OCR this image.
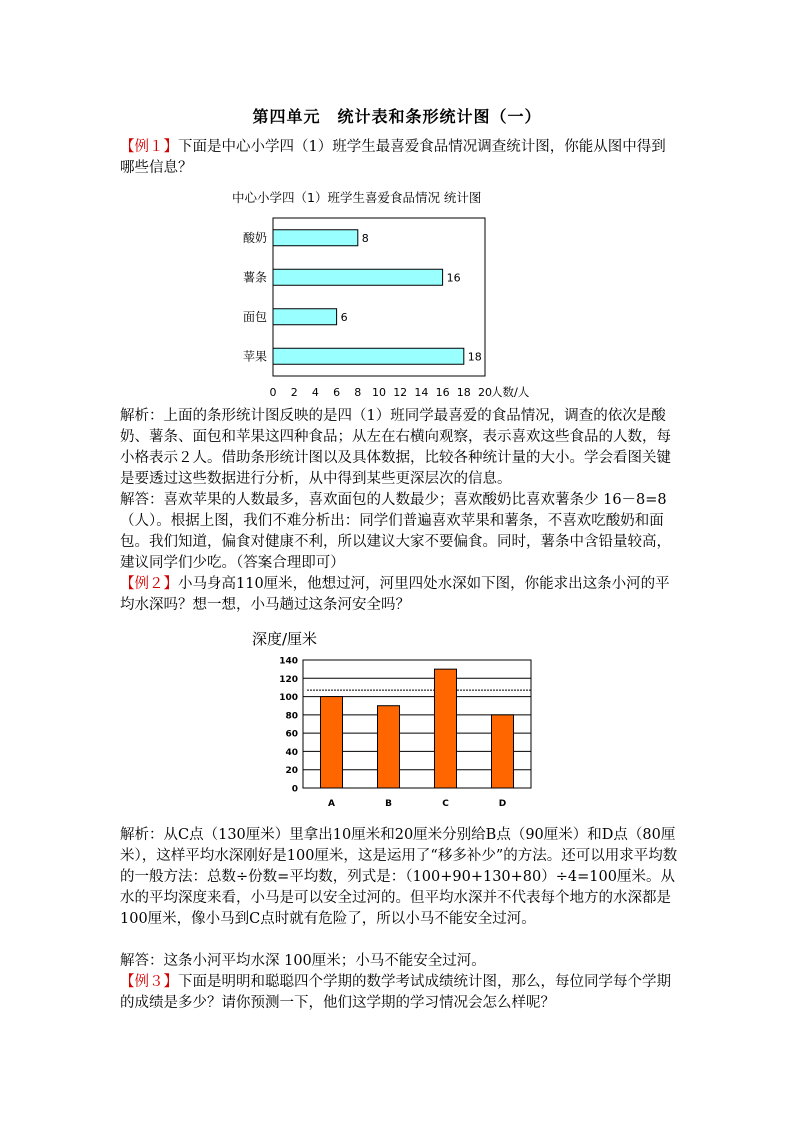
第四单元　统计表和条形统计图（一）
【例１】下面是中心小学四（1）班学生最喜爱食品情况调查统计图，你能从图中得到哪些信息？
中心小学四（1）班学生喜爱食品情况 统计图
酸奶	8
薯条	16
面包	6
苹果	18
0 2 4 6 8 10 12 14 16 18 20 人数/人
解析：上面的条形统计图反映的是四（1）班同学最喜爱的食品情况，调查的依次是酸奶、薯条、面包和苹果这四种食品；从左在右横向观察，表示喜欢这些食品的人数，每小格表示２人。借助条形统计图以及具体数据，比较各种统计量的大小。学会看图关键是要透过这些数据进行分析，从中得到某些更深层次的信息。
解答：喜欢苹果的人数最多，喜欢面包的人数最少；喜欢酸奶比喜欢薯条少 16－8=8（人）。根据上图，我们不难分析出：同学们普遍喜欢苹果和薯条，不喜欢吃酸奶和面包。我们知道，偏食对健康不利，所以建议大家不要偏食。同时，薯条中含铅量较高，建议同学们少吃。（答案合理即可）
【例２】小马身高110厘米，他想过河，河里四处水深如下图，你能求出这条小河的平均水深吗？想一想，小马趟过这条河安全吗？
深度/厘米
0
20
40
60
80
100
120
140
A	B	C	D
解析：从C点（130厘米）里拿出10厘米和20厘米分别给B点（90厘米）和D点（80厘米），这样平均水深刚好是100厘米，这是运用了“移多补少”的方法。还可以用求平均数的一般方法：总数÷份数=平均数，列式是：（100+90+130+80）÷4=100厘米。从水的平均深度来看，小马是可以安全过河的。但平均水深并不代表每个地方的水深都是100厘米，像小马到C点时就有危险了，所以小马不能安全过河。
解答：这条小河平均水深 100厘米；小马不能安全过河。
【例３】下面是明明和聪聪四个学期的数学考试成绩统计图，那么，每位同学每个学期的成绩是多少？请你预测一下，他们这学期的学习情况会怎么样呢？
